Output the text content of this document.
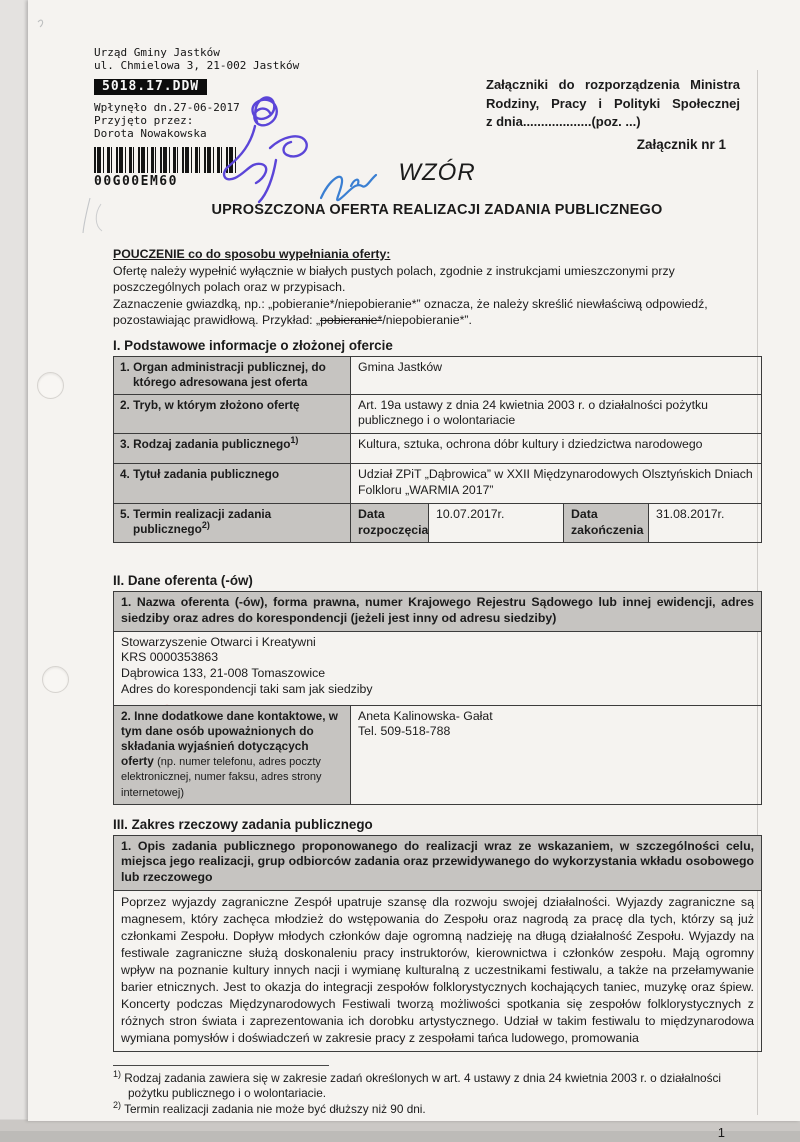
Urząd Gminy Jastków
ul. Chmielowa 3, 21-002 Jastków
5018.17.DDW
Wpłynęło dn.27-06-2017
Przyjęto przez:
Dorota Nowakowska
00G00EM60
Załączniki do rozporządzenia Ministra
Rodziny, Pracy i Polityki Społecznej
z dnia...................(poz. ...)
Załącznik nr 1
WZÓR
UPROSZCZONA OFERTA REALIZACJI ZADANIA PUBLICZNEGO
POUCZENIE co do sposobu wypełniania oferty:
Ofertę należy wypełnić wyłącznie w białych pustych polach, zgodnie z instrukcjami umieszczonymi przy poszczególnych polach oraz w przypisach.
Zaznaczenie gwiazdką, np.: „pobieranie*/niepobieranie*” oznacza, że należy skreślić niewłaściwą odpowiedź, pozostawiając prawidłową. Przykład: „pobieranie*/niepobieranie*”.
I. Podstawowe informacje o złożonej ofercie
1. Organ administracji publicznej, do którego adresowana jest oferta	Gmina Jastków			
2. Tryb, w którym złożono ofertę	Art. 19a ustawy z dnia 24 kwietnia 2003 r. o działalności pożytku publicznego i o wolontariacie			
3. Rodzaj zadania publicznego$^{1)}$	Kultura, sztuka, ochrona dóbr kultury i dziedzictwa narodowego			
4. Tytuł zadania publicznego	Udział ZPiT „Dąbrowica” w XXII Międzynarodowych Olsztyńskich Dniach Folkloru „WARMIA 2017”			
5. Termin realizacji zadania publicznego$^{2)}$	Data rozpoczęcia	10.07.2017r.	Data zakończenia	31.08.2017r.
II. Dane oferenta (-ów)
1. Nazwa oferenta (-ów), forma prawna, numer Krajowego Rejestru Sądowego lub innej ewidencji, adres siedziby oraz adres do korespondencji (jeżeli jest inny od adresu siedziby)

Stowarzyszenie Otwarci i Kreatywni
KRS 0000353863
Dąbrowica 133, 21-008 Tomaszowice
Adres do korespondencji taki sam jak siedziby

2. Inne dodatkowe dane kontaktowe, w tym dane osób upoważnionych do składania wyjaśnień dotyczących oferty (np. numer telefonu, adres poczty elektronicznej, numer faksu, adres strony internetowej)	
Aneta Kalinowska- Gałat
Tel. 509-518-788
III. Zakres rzeczowy zadania publicznego
1. Opis zadania publicznego proponowanego do realizacji wraz ze wskazaniem, w szczególności celu, miejsca jego realizacji, grup odbiorców zadania oraz przewidywanego do wykorzystania wkładu osobowego lub rzeczowego
Poprzez wyjazdy zagraniczne Zespół upatruje szansę dla rozwoju swojej działalności. Wyjazdy zagraniczne są magnesem, który zachęca młodzież do wstępowania do Zespołu oraz nagrodą za pracę dla tych, którzy są już członkami Zespołu. Dopływ młodych członków daje ogromną nadzieję na długą działalność Zespołu. Wyjazdy na festiwale zagraniczne służą doskonaleniu pracy instruktorów, kierownictwa i członków zespołu. Mają ogromny wpływ na poznanie kultury innych nacji i wymianę kulturalną z uczestnikami festiwalu, a także na przełamywanie barier etnicznych. Jest to okazja do integracji zespołów folklorystycznych kochających taniec, muzykę oraz śpiew. Koncerty podczas Międzynarodowych Festiwali tworzą możliwości spotkania się zespołów folklorystycznych z różnych stron świata i zaprezentowania ich dorobku artystycznego. Udział w takim festiwalu to międzynarodowa wymiana pomysłów i doświadczeń w zakresie pracy z zespołami tańca ludowego, promowania
$^{1)}$ Rodzaj zadania zawiera się w zakresie zadań określonych w art. 4 ustawy z dnia 24 kwietnia 2003 r. o działalności pożytku publicznego i o wolontariacie.
$^{2)}$ Termin realizacji zadania nie może być dłuższy niż 90 dni.
1
